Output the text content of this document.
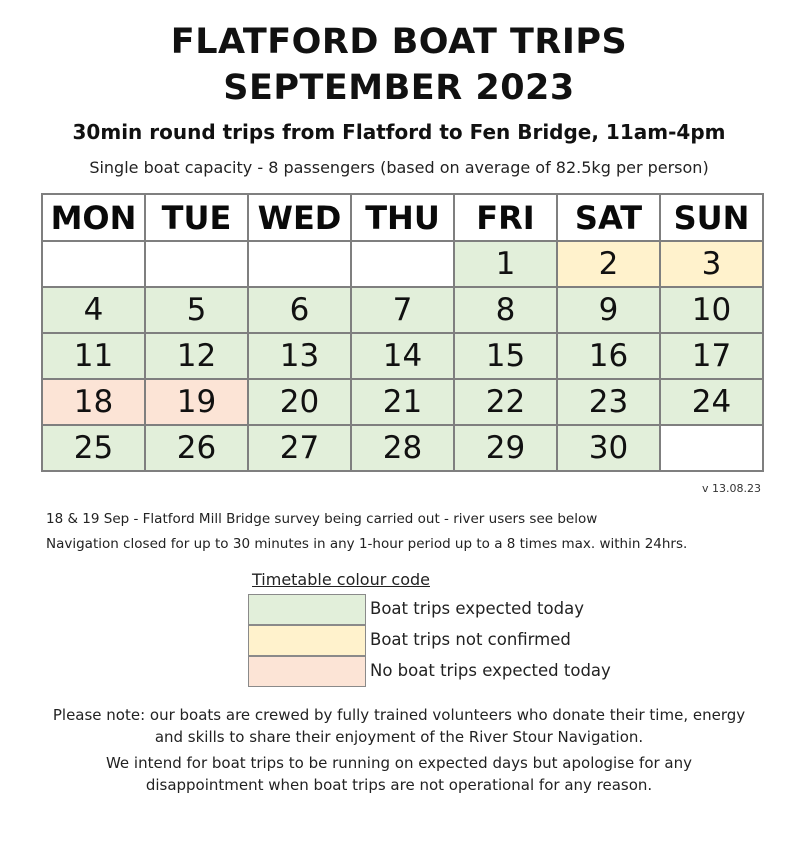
FLATFORD BOAT TRIPS
SEPTEMBER 2023
30min round trips from Flatford to Fen Bridge, 11am-4pm
Single boat capacity - 8 passengers (based on average of 82.5kg per person)
MON	TUE	WED	THU	FRI	SAT	SUN
				1	2	3
4	5	6	7	8	9	10
11	12	13	14	15	16	17
18	19	20	21	22	23	24
25	26	27	28	29	30	
v 13.08.23
18 & 19 Sep - Flatford Mill Bridge survey being carried out - river users see below
Navigation closed for up to 30 minutes in any 1-hour period up to a 8 times max. within 24hrs.
Timetable colour code
Boat trips expected today
Boat trips not confirmed
No boat trips expected today
Please note: our boats are crewed by fully trained volunteers who donate their time, energy
and skills to share their enjoyment of the River Stour Navigation.
We intend for boat trips to be running on expected days but apologise for any
disappointment when boat trips are not operational for any reason.
